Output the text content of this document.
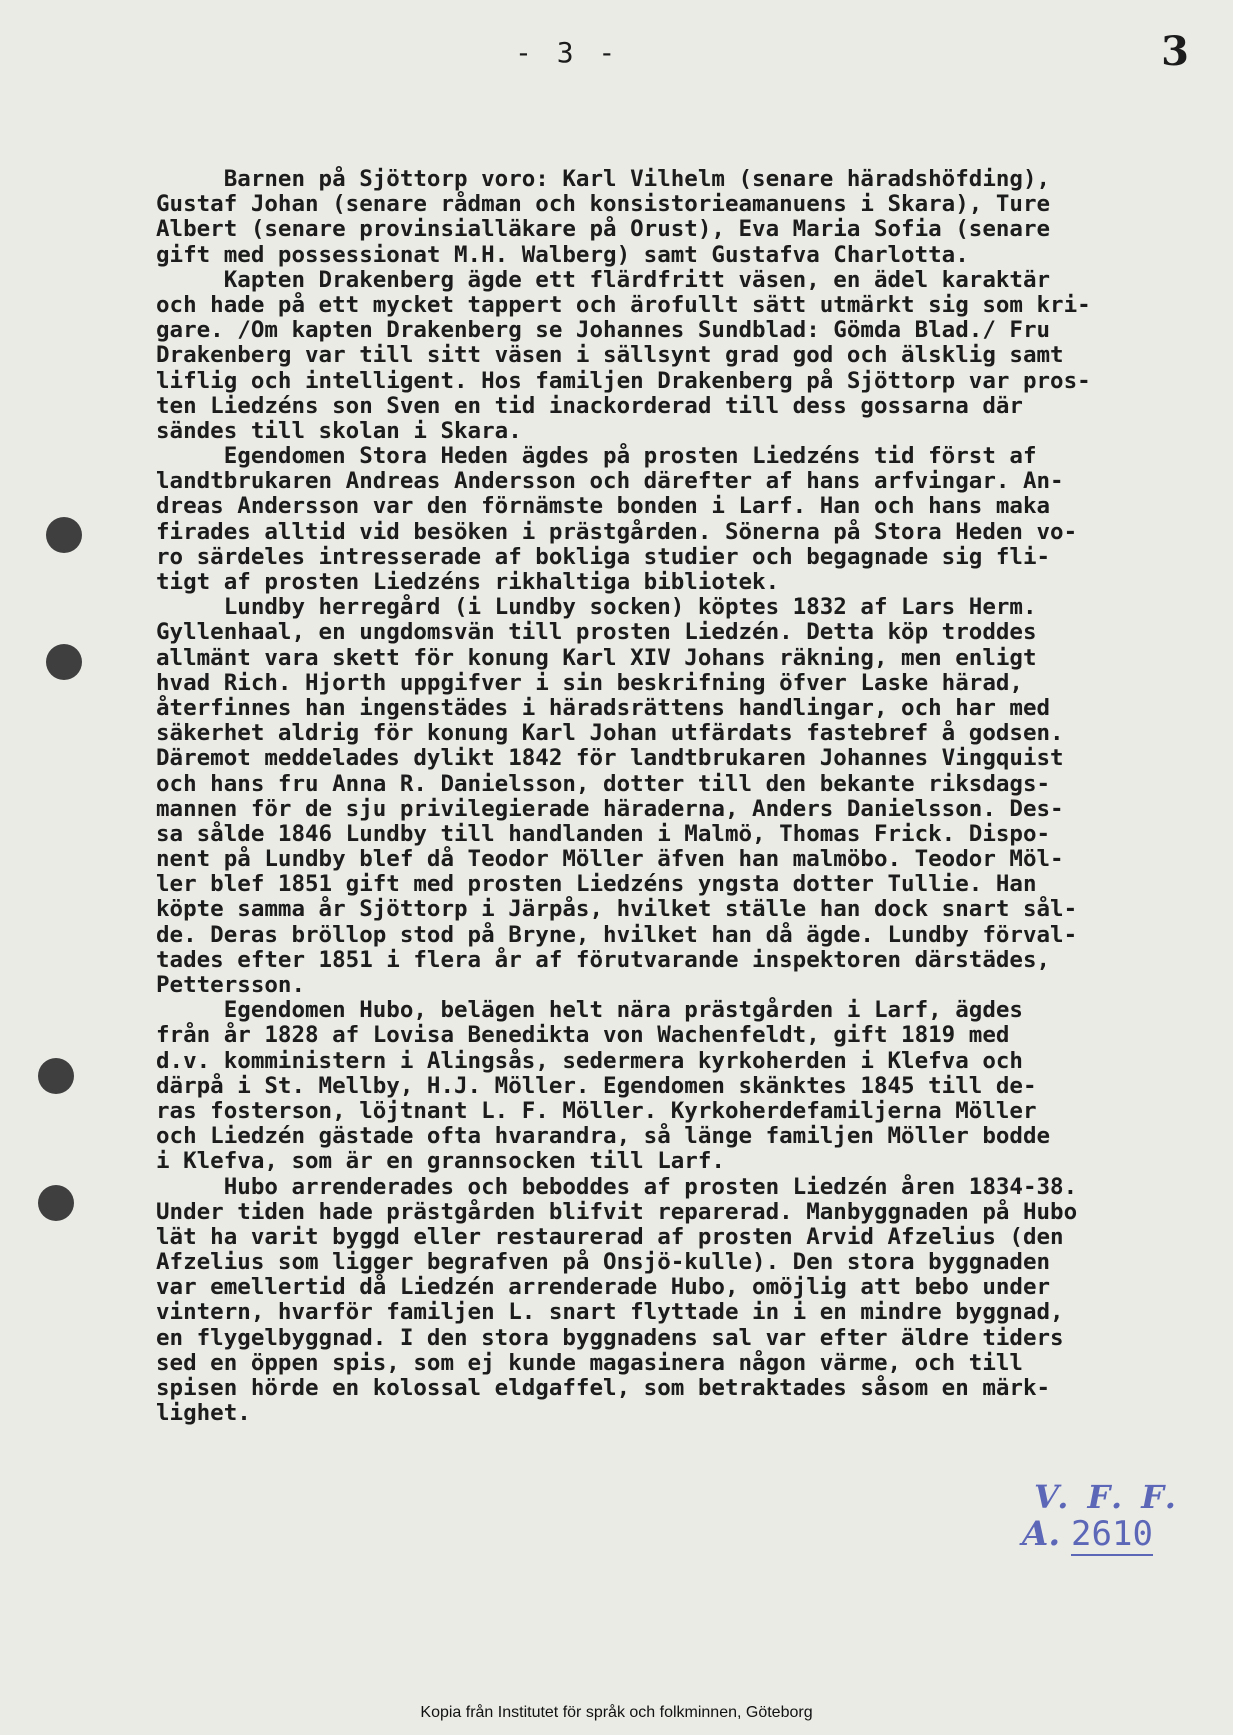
- 3 -	3
Barnen på Sjöttorp voro: Karl Vilhelm (senare häradshöfding),
Gustaf Johan (senare rådman och konsistorieamanuens i Skara), Ture
Albert (senare provinsialläkare på Orust), Eva Maria Sofia (senare
gift med possessionat M.H. Walberg) samt Gustafva Charlotta.
Kapten Drakenberg ägde ett flärdfritt väsen, en ädel karaktär
och hade på ett mycket tappert och ärofullt sätt utmärkt sig som kri-
gare. /Om kapten Drakenberg se Johannes Sundblad: Gömda Blad./ Fru
Drakenberg var till sitt väsen i sällsynt grad god och älsklig samt
liflig och intelligent. Hos familjen Drakenberg på Sjöttorp var pros-
ten Liedzéns son Sven en tid inackorderad till dess gossarna där
sändes till skolan i Skara.
Egendomen Stora Heden ägdes på prosten Liedzéns tid först af
landtbrukaren Andreas Andersson och därefter af hans arfvingar. An-
dreas Andersson var den förnämste bonden i Larf. Han och hans maka
firades alltid vid besöken i prästgården. Sönerna på Stora Heden vo-
ro särdeles intresserade af bokliga studier och begagnade sig fli-
tigt af prosten Liedzéns rikhaltiga bibliotek.
Lundby herregård (i Lundby socken) köptes 1832 af Lars Herm.
Gyllenhaal, en ungdomsvän till prosten Liedzén. Detta köp troddes
allmänt vara skett för konung Karl XIV Johans räkning, men enligt
hvad Rich. Hjorth uppgifver i sin beskrifning öfver Laske härad,
återfinnes han ingenstädes i häradsrättens handlingar, och har med
säkerhet aldrig för konung Karl Johan utfärdats fastebref å godsen.
Däremot meddelades dylikt 1842 för landtbrukaren Johannes Vingquist
och hans fru Anna R. Danielsson, dotter till den bekante riksdags-
mannen för de sju privilegierade häraderna, Anders Danielsson. Des-
sa sålde 1846 Lundby till handlanden i Malmö, Thomas Frick. Dispo-
nent på Lundby blef då Teodor Möller äfven han malmöbo. Teodor Möl-
ler blef 1851 gift med prosten Liedzéns yngsta dotter Tullie. Han
köpte samma år Sjöttorp i Järpås, hvilket ställe han dock snart sål-
de. Deras bröllop stod på Bryne, hvilket han då ägde. Lundby förval-
tades efter 1851 i flera år af förutvarande inspektoren därstädes,
Pettersson.
Egendomen Hubo, belägen helt nära prästgården i Larf, ägdes
från år 1828 af Lovisa Benedikta von Wachenfeldt, gift 1819 med
d.v. komministern i Alingsås, sedermera kyrkoherden i Klefva och
därpå i St. Mellby, H.J. Möller. Egendomen skänktes 1845 till de-
ras fosterson, löjtnant L. F. Möller. Kyrkoherdefamiljerna Möller
och Liedzén gästade ofta hvarandra, så länge familjen Möller bodde
i Klefva, som är en grannsocken till Larf.
Hubo arrenderades och beboddes af prosten Liedzén åren 1834-38.
Under tiden hade prästgården blifvit reparerad. Manbyggnaden på Hubo
lät ha varit byggd eller restaurerad af prosten Arvid Afzelius (den
Afzelius som ligger begrafven på Onsjö-kulle). Den stora byggnaden
var emellertid då Liedzén arrenderade Hubo, omöjlig att bebo under
vintern, hvarför familjen L. snart flyttade in i en mindre byggnad,
en flygelbyggnad. I den stora byggnadens sal var efter äldre tiders
sed en öppen spis, som ej kunde magasinera någon värme, och till
spisen hörde en kolossal eldgaffel, som betraktades såsom en märk-
lighet.
V. F. F.
A. 2610
Kopia från Institutet för språk och folkminnen, Göteborg
